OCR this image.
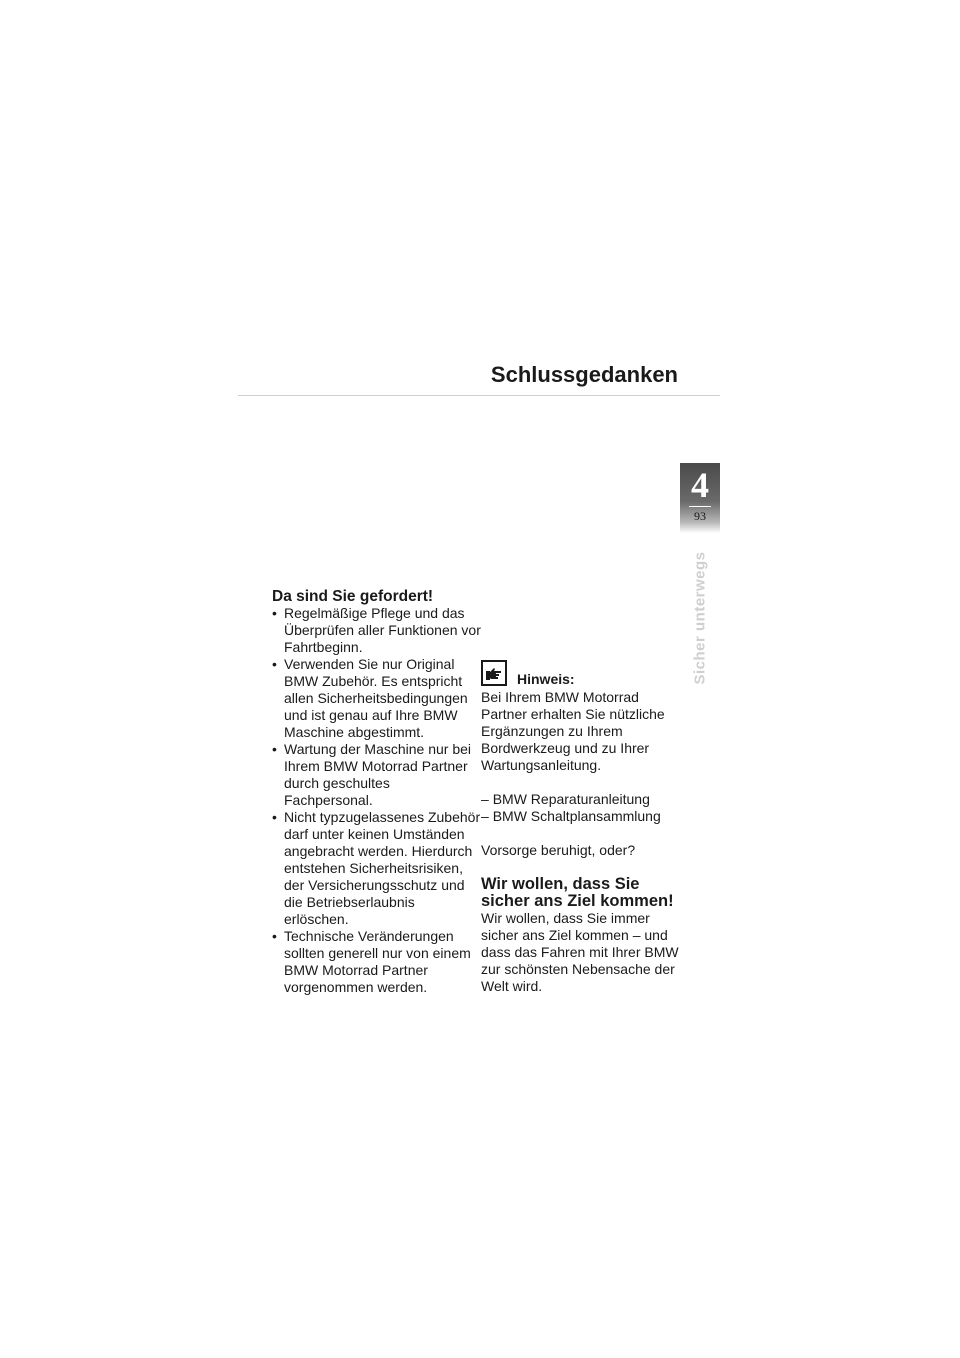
Schlussgedanken
4
93
Sicher unterwegs
Da sind Sie gefordert!
• Regelmäßige Pflege und das Überprüfen aller Funktionen vor Fahrtbeginn.
• Verwenden Sie nur Original BMW Zubehör. Es entspricht allen Sicherheitsbedingungen und ist genau auf Ihre BMW Maschine abgestimmt.
• Wartung der Maschine nur bei Ihrem BMW Motorrad Partner durch geschultes Fachpersonal.
• Nicht typzugelassenes Zubehör darf unter keinen Umständen angebracht werden. Hierdurch entstehen Sicherheitsrisiken, der Versicherungsschutz und die Betriebserlaubnis erlöschen.
• Technische Veränderungen sollten generell nur von einem BMW Motorrad Partner vorgenommen werden.
Hinweis:

Bei Ihrem BMW Motorrad Partner erhalten Sie nützliche Ergänzungen zu Ihrem Bordwerkzeug und zu Ihrer Wartungsanleitung.

– BMW Reparaturanleitung
– BMW Schaltplansammlung

Vorsorge beruhigt, oder?

Wir wollen, dass Sie sicher ans Ziel kommen!

Wir wollen, dass Sie immer sicher ans Ziel kommen – und dass das Fahren mit Ihrer BMW zur schönsten Nebensache der Welt wird.
